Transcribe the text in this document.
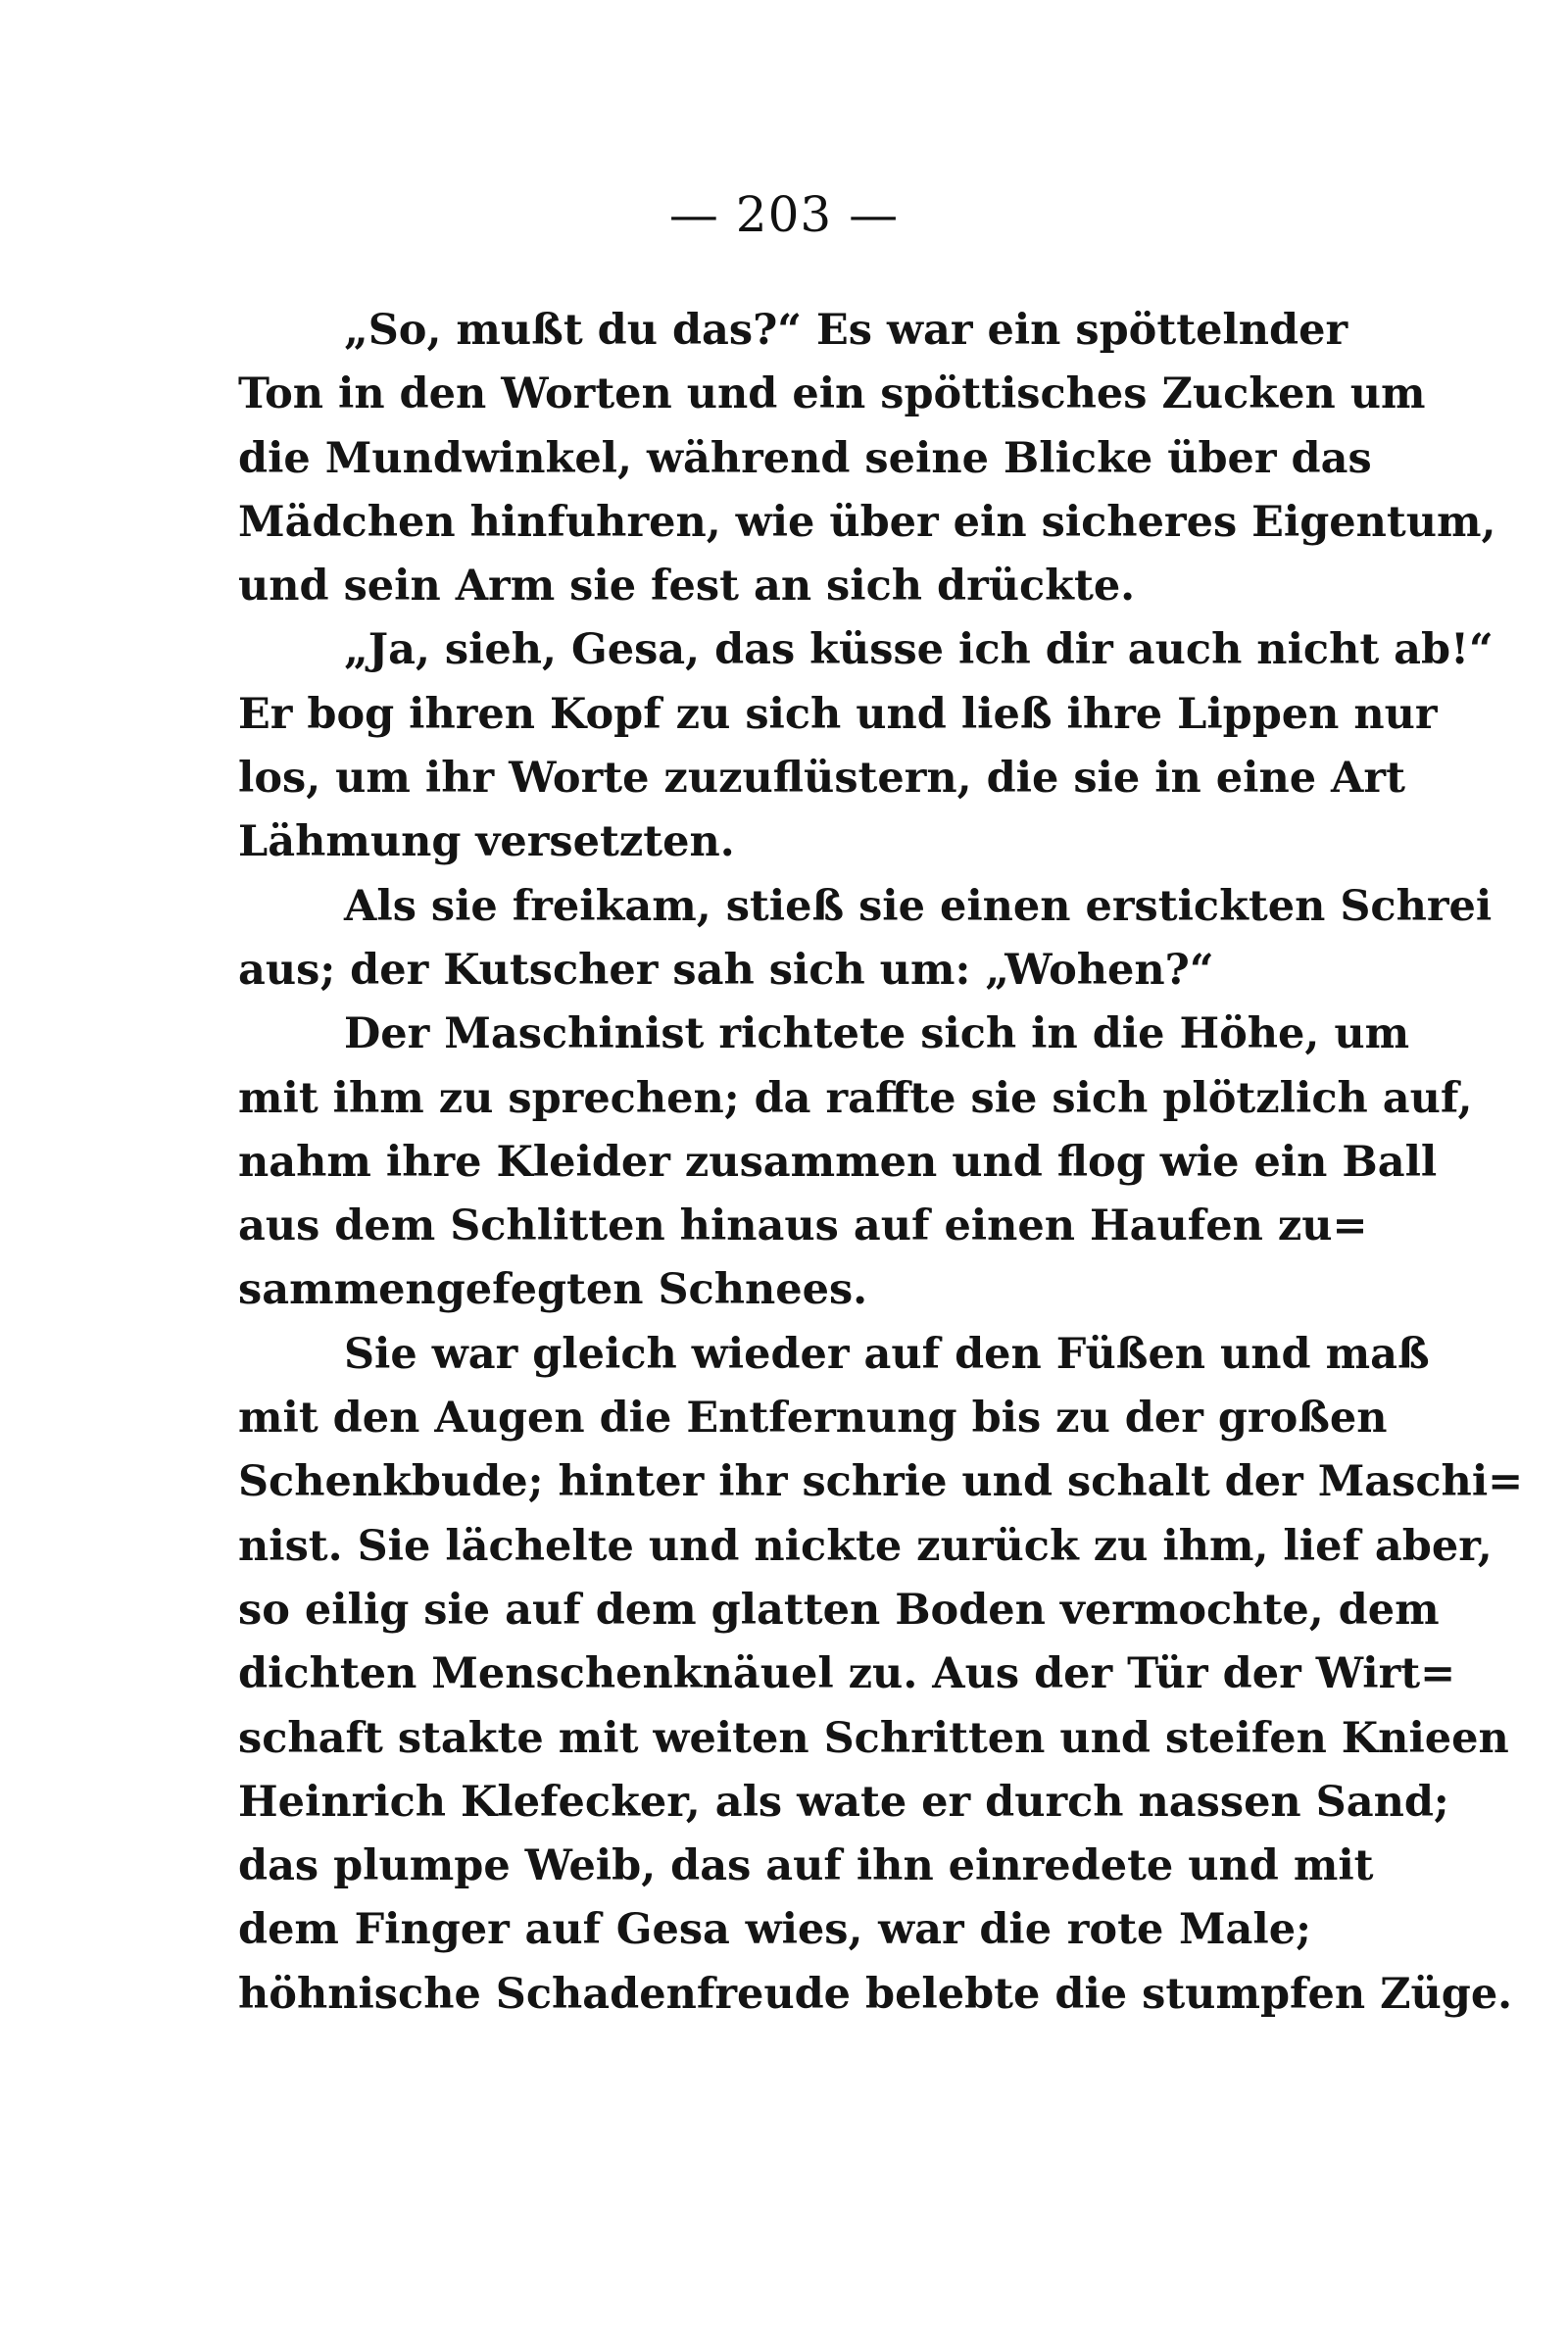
— 203 —
„So, mußt du das?“ Es war ein spöttelnder
Ton in den Worten und ein spöttisches Zucken um
die Mundwinkel, während seine Blicke über das
Mädchen hinfuhren, wie über ein sicheres Eigentum,
und sein Arm sie fest an sich drückte.
„Ja, sieh, Gesa, das küsse ich dir auch nicht ab!“
Er bog ihren Kopf zu sich und ließ ihre Lippen nur
los, um ihr Worte zuzuflüstern, die sie in eine Art
Lähmung versetzten.
Als sie freikam, stieß sie einen erstickten Schrei
aus; der Kutscher sah sich um: „Wohen?“
Der Maschinist richtete sich in die Höhe, um
mit ihm zu sprechen; da raffte sie sich plötzlich auf,
nahm ihre Kleider zusammen und flog wie ein Ball
aus dem Schlitten hinaus auf einen Haufen zu=
sammengefegten Schnees.
Sie war gleich wieder auf den Füßen und maß
mit den Augen die Entfernung bis zu der großen
Schenkbude; hinter ihr schrie und schalt der Maschi=
nist. Sie lächelte und nickte zurück zu ihm, lief aber,
so eilig sie auf dem glatten Boden vermochte, dem
dichten Menschenknäuel zu. Aus der Tür der Wirt=
schaft stakte mit weiten Schritten und steifen Knieen
Heinrich Klefecker, als wate er durch nassen Sand;
das plumpe Weib, das auf ihn einredete und mit
dem Finger auf Gesa wies, war die rote Male;
höhnische Schadenfreude belebte die stumpfen Züge.
